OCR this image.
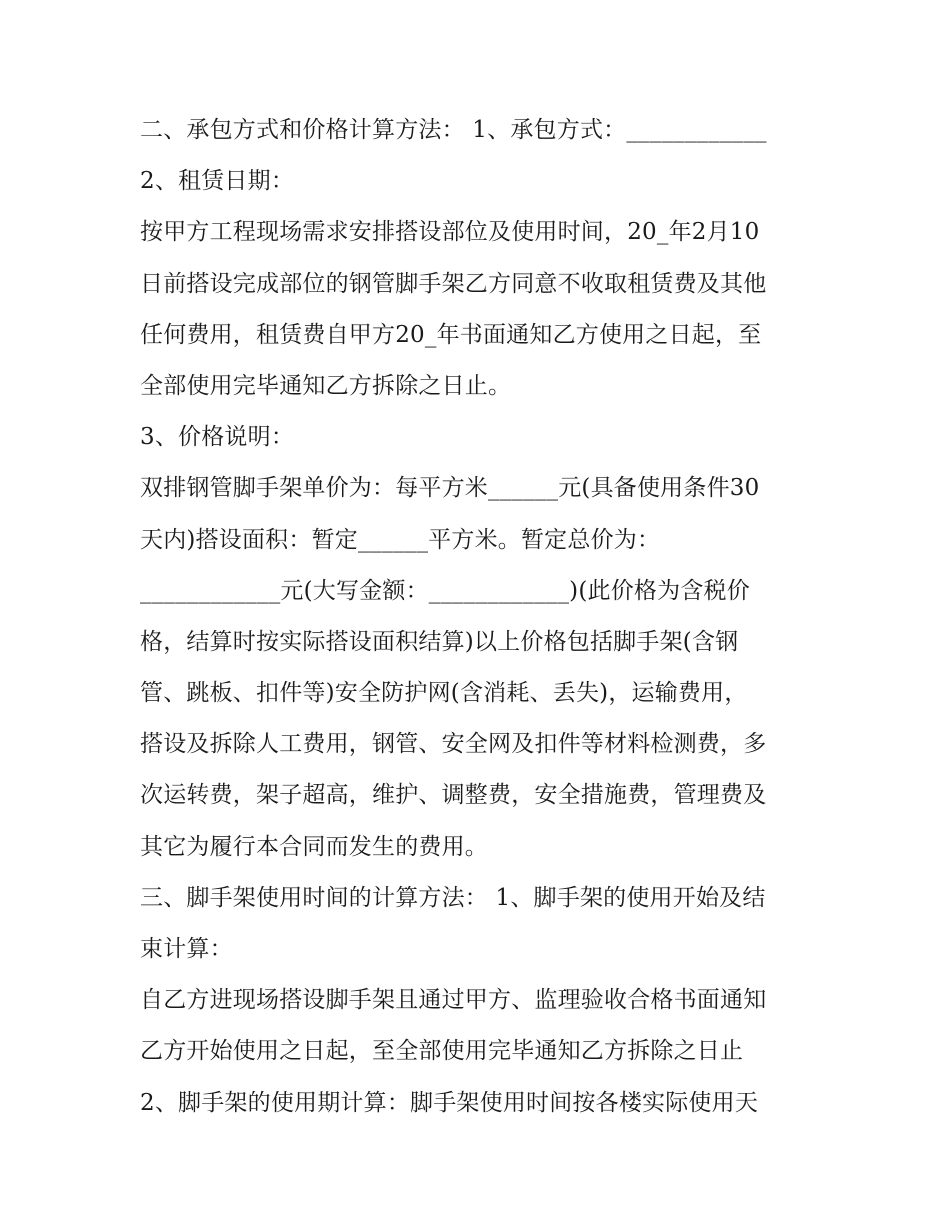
二、承包方式和价格计算方法： 1、承包方式：____________
2、租赁日期：
按甲方工程现场需求安排搭设部位及使用时间，20_年2月10
日前搭设完成部位的钢管脚手架乙方同意不收取租赁费及其他
任何费用，租赁费自甲方20_年书面通知乙方使用之日起，至
全部使用完毕通知乙方拆除之日止。
3、价格说明：
双排钢管脚手架单价为：每平方米______元(具备使用条件30
天内)搭设面积：暂定______平方米。暂定总价为：
____________元(大写金额：____________)(此价格为含税价
格，结算时按实际搭设面积结算)以上价格包括脚手架(含钢
管、跳板、扣件等)安全防护网(含消耗、丢失)，运输费用，
搭设及拆除人工费用，钢管、安全网及扣件等材料检测费，多
次运转费，架子超高，维护、调整费，安全措施费，管理费及
其它为履行本合同而发生的费用。
三、脚手架使用时间的计算方法： 1、脚手架的使用开始及结
束计算：
自乙方进现场搭设脚手架且通过甲方、监理验收合格书面通知
乙方开始使用之日起，至全部使用完毕通知乙方拆除之日止
2、脚手架的使用期计算：脚手架使用时间按各楼实际使用天
